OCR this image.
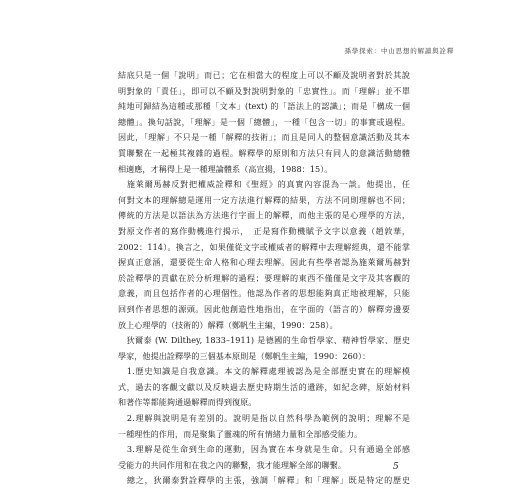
孫學探索：中山思想的解讀與詮釋
結底只是一個「說明」而已；它在相當大的程度上可以不顧及說明者對於其說
明對象的「責任」，即可以不顧及對說明對象的「忠實性」。而「理解」並不單
純地可歸結為這種或那種「文本」(text) 的「語法上的認識」；而是「構成一個
總體」。換句話說，「理解」是一個「總體」，一種「包含一切」的事實或過程。
因此，「理解」不只是一種「解釋的技術」；而且是同人的整個意識活動及其本
質聯繫在一起極其複雜的過程。解釋學的原則和方法只有同人的意識活動總體
相適應，才稱得上是一種理論體系（高宣揚，1988：15）。
　施萊爾馬赫反對把權威詮釋和《聖經》的真實內容混為一談。他提出，任
何對文本的理解總是運用一定方法進行解釋的結果，方法不同則理解也不同；
傳統的方法是以語法為方法進行字面上的解釋，而他主張的是心理學的方法，
對原文作者的寫作動機進行揭示，　正是寫作動機賦予文字以意義（趙敦華，
2002：114）。換言之，如果僅從文字或權威者的解釋中去理解經典，還不能掌
握真正意涵，還要從生命人格和心理去理解。因此有些學者認為施萊爾馬赫對
於詮釋學的貢獻在於分析理解的過程；要理解的東西不僅僅是文字及其客觀的
意義，而且包括作者的心理個性。他認為作者的思想能夠真正地被理解，只能
回到作者思想的源頭。因此他創造性地指出，在字面的（語言的）解釋旁邊要
放上心理學的（技術的）解釋（鄭帆生主編，1990：258）。
　狄爾泰 (W. Dilthey, 1833–1911) 是德國的生命哲學家、精神哲學家、歷史
學家，他提出詮釋學的三個基本原則是（鄭帆生主編，1990：260）：
　1.歷史知識是自我意識。本文的解釋處理被認為是全部歷史實在的理解模
式，過去的客觀文獻以及反映過去歷史時期生活的遺跡，如紀念碑，原始材料
和著作等都能夠通過解釋而得到復原。
　2.理解與說明是有差別的。說明是指以自然科學為範例的說明；理解不是
一種理性的作用，而是聚集了靈魂的所有情緒力量和全部感受能力。
　3.理解是從生命到生命的運動，因為實在本身就是生命。只有通過全部感
受能力的共同作用和在我之內的聯繫，我才能理解全部的聯繫。
　總之，狄爾泰對詮釋學的主張，強調「解釋」和「理解」既是特定的歷史
5
